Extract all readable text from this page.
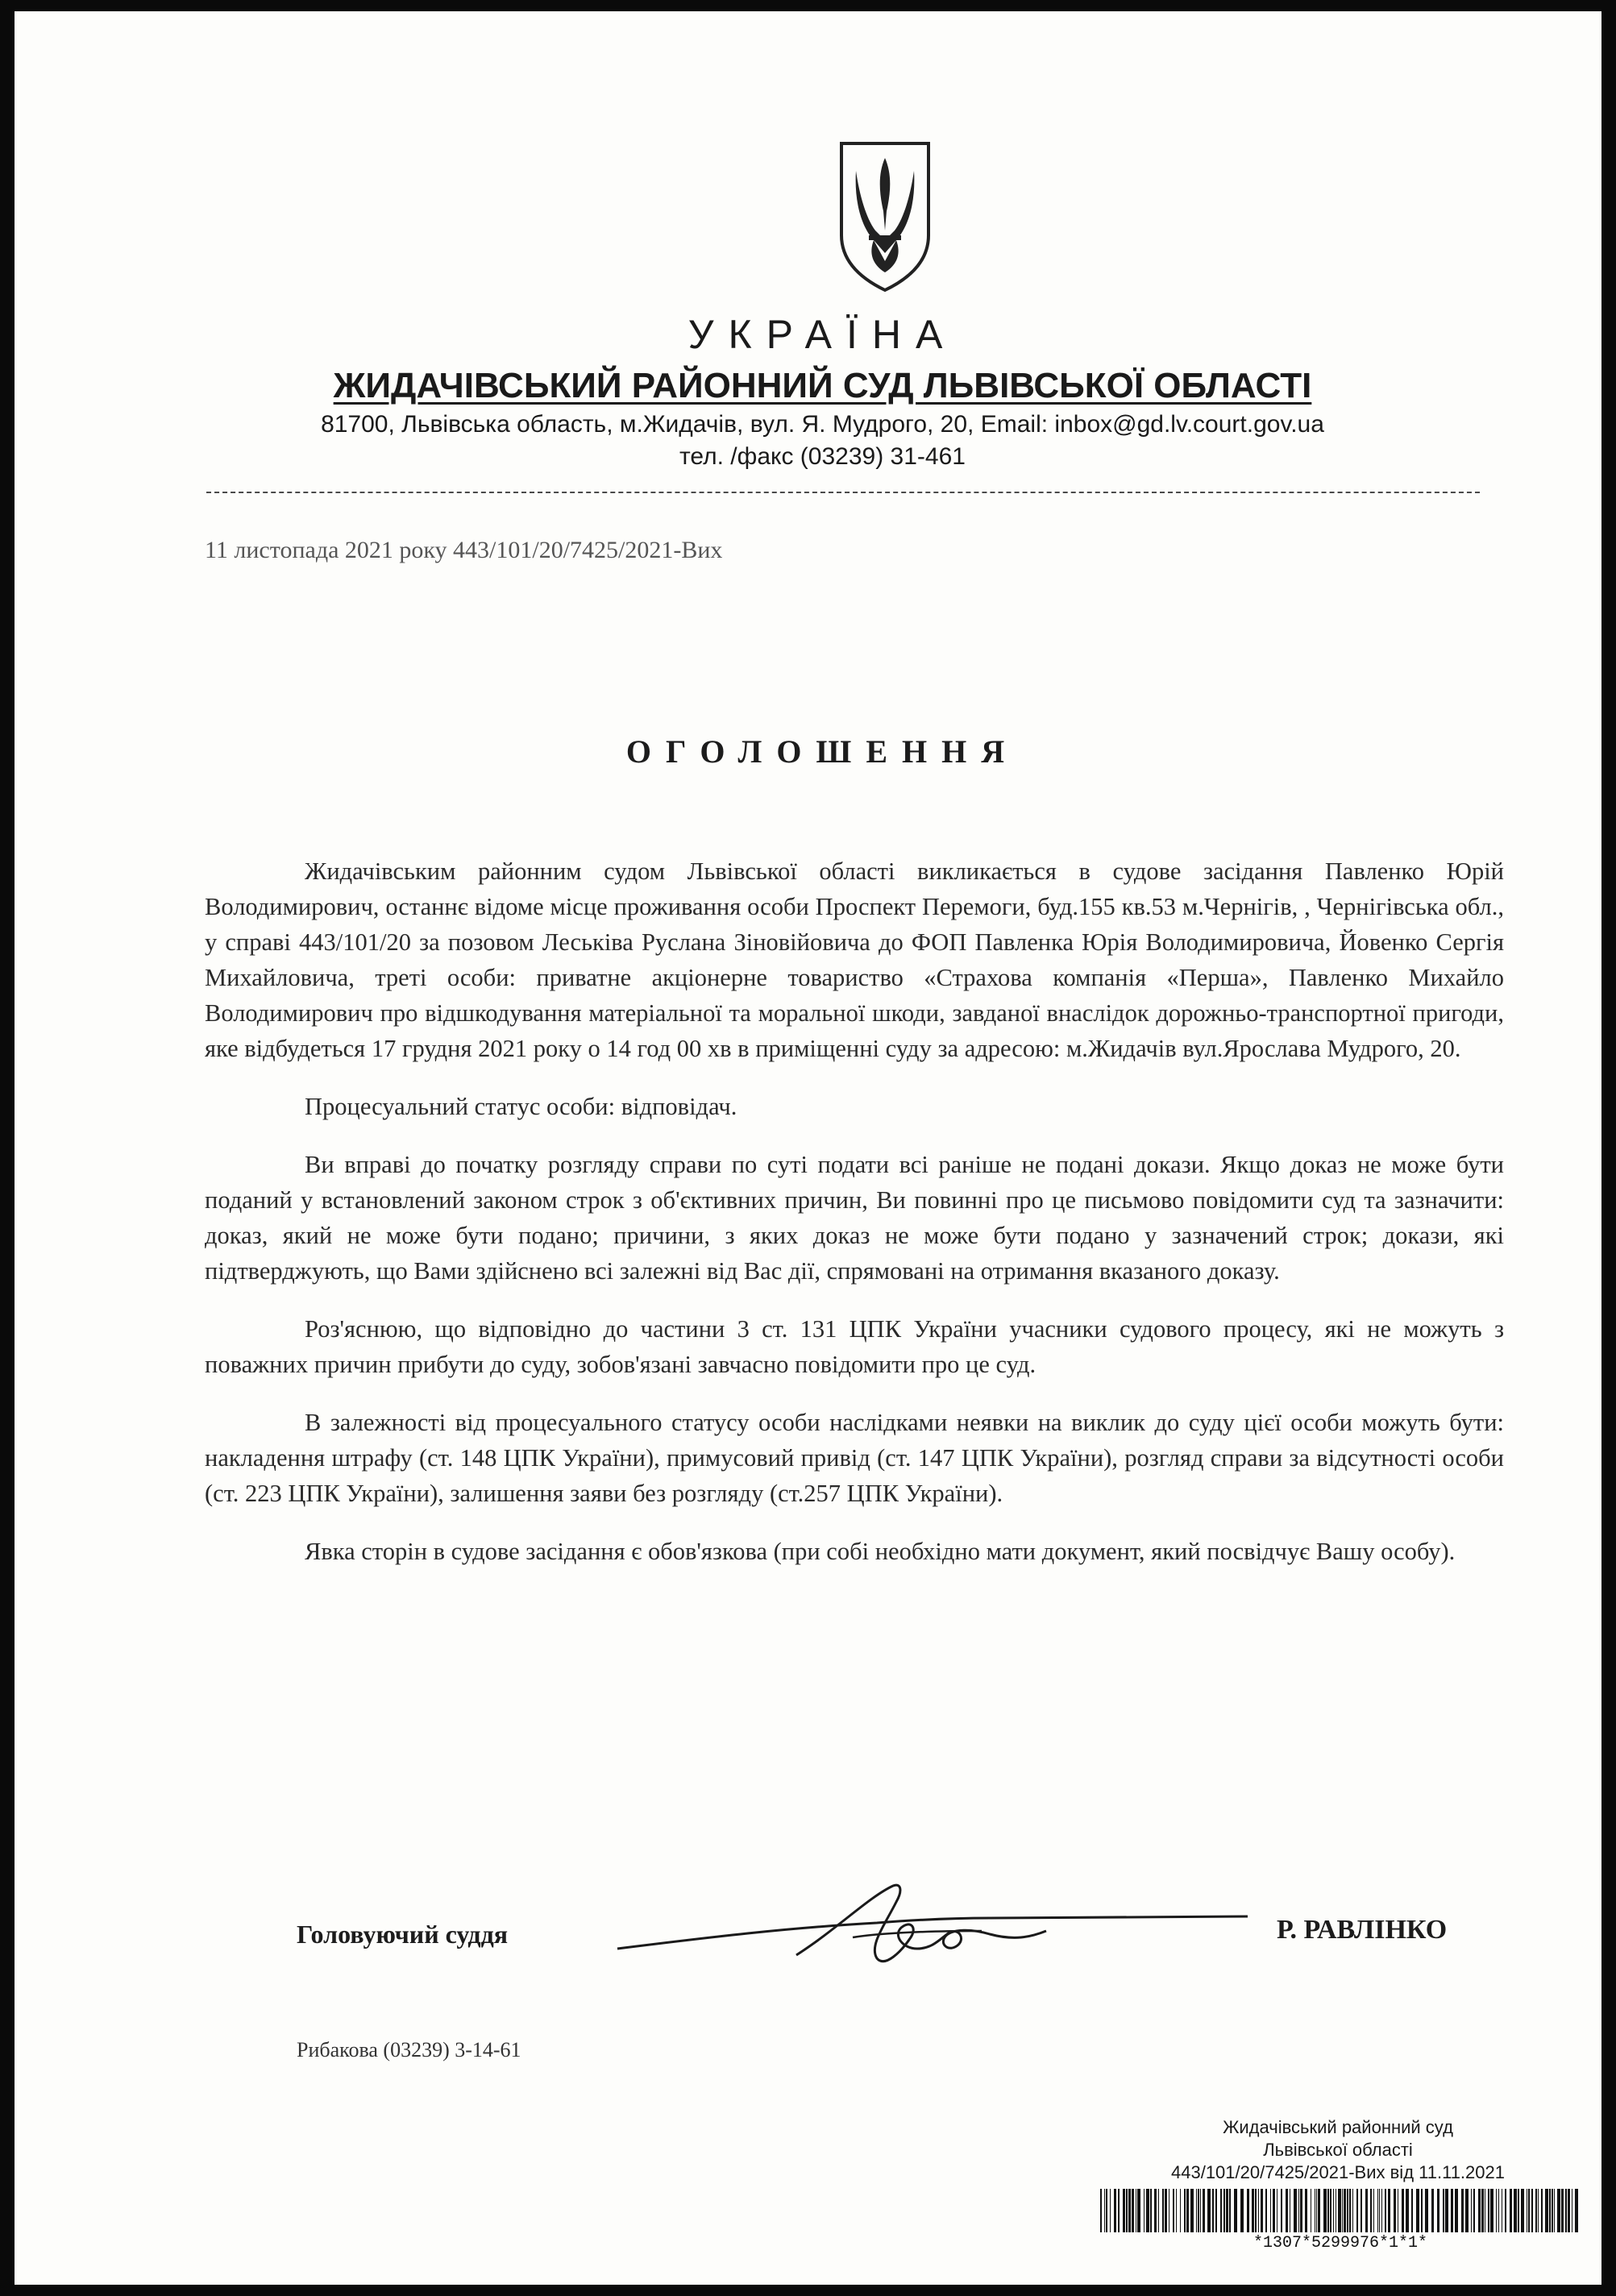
УКРАЇНА
ЖИДАЧІВСЬКИЙ РАЙОННИЙ СУД ЛЬВІВСЬКОЇ ОБЛАСТІ
81700, Львівська область, м.Жидачів, вул. Я. Мудрого, 20, Email: inbox@gd.lv.court.gov.ua
тел. /факс (03239) 31-461
11 листопада 2021 року 443/101/20/7425/2021-Вих
ОГОЛОШЕННЯ

Жидачівським районним судом Львівської області викликається в судове засідання Павленко Юрій Володимирович, останнє відоме місце проживання особи Проспект Перемоги, буд.155 кв.53 м.Чернігів, , Чернігівська обл., у справі 443/101/20 за позовом Леськіва Руслана Зіновійовича до ФОП Павленка Юрія Володимировича, Йовенко Сергія Михайловича, треті особи: приватне акціонерне товариство «Страхова компанія «Перша», Павленко Михайло Володимирович про відшкодування матеріальної та моральної шкоди, завданої внаслідок дорожньо-транспортної пригоди, яке відбудеться 17 грудня 2021 року о 14 год 00 хв в приміщенні суду за адресою: м.Жидачів вул.Ярослава Мудрого, 20.

Процесуальний статус особи: відповідач.

Ви вправі до початку розгляду справи по суті подати всі раніше не подані докази. Якщо доказ не може бути поданий у встановлений законом строк з об'єктивних причин, Ви повинні про це письмово повідомити суд та зазначити: доказ, який не може бути подано; причини, з яких доказ не може бути подано у зазначений строк; докази, які підтверджують, що Вами здійснено всі залежні від Вас дії, спрямовані на отримання вказаного доказу.

Роз'яснюю, що відповідно до частини 3 ст. 131 ЦПК України учасники судового процесу, які не можуть з поважних причин прибути до суду, зобов'язані завчасно повідомити про це суд.

В залежності від процесуального статусу особи наслідками неявки на виклик до суду цієї особи можуть бути: накладення штрафу (ст. 148 ЦПК України), примусовий привід (ст. 147 ЦПК України), розгляд справи за відсутності особи (ст. 223 ЦПК України), залишення заяви без розгляду (ст.257 ЦПК України).

Явка сторін в судове засідання є обов'язкова (при собі необхідно мати документ, який посвідчує Вашу особу).

Головуючий суддя	Р. РАВЛІНКО
Рибакова (03239) 3-14-61
Жидачівський районний суд
Львівської області
443/101/20/7425/2021-Вих від 11.11.2021
*1307*5299976*1*1*
